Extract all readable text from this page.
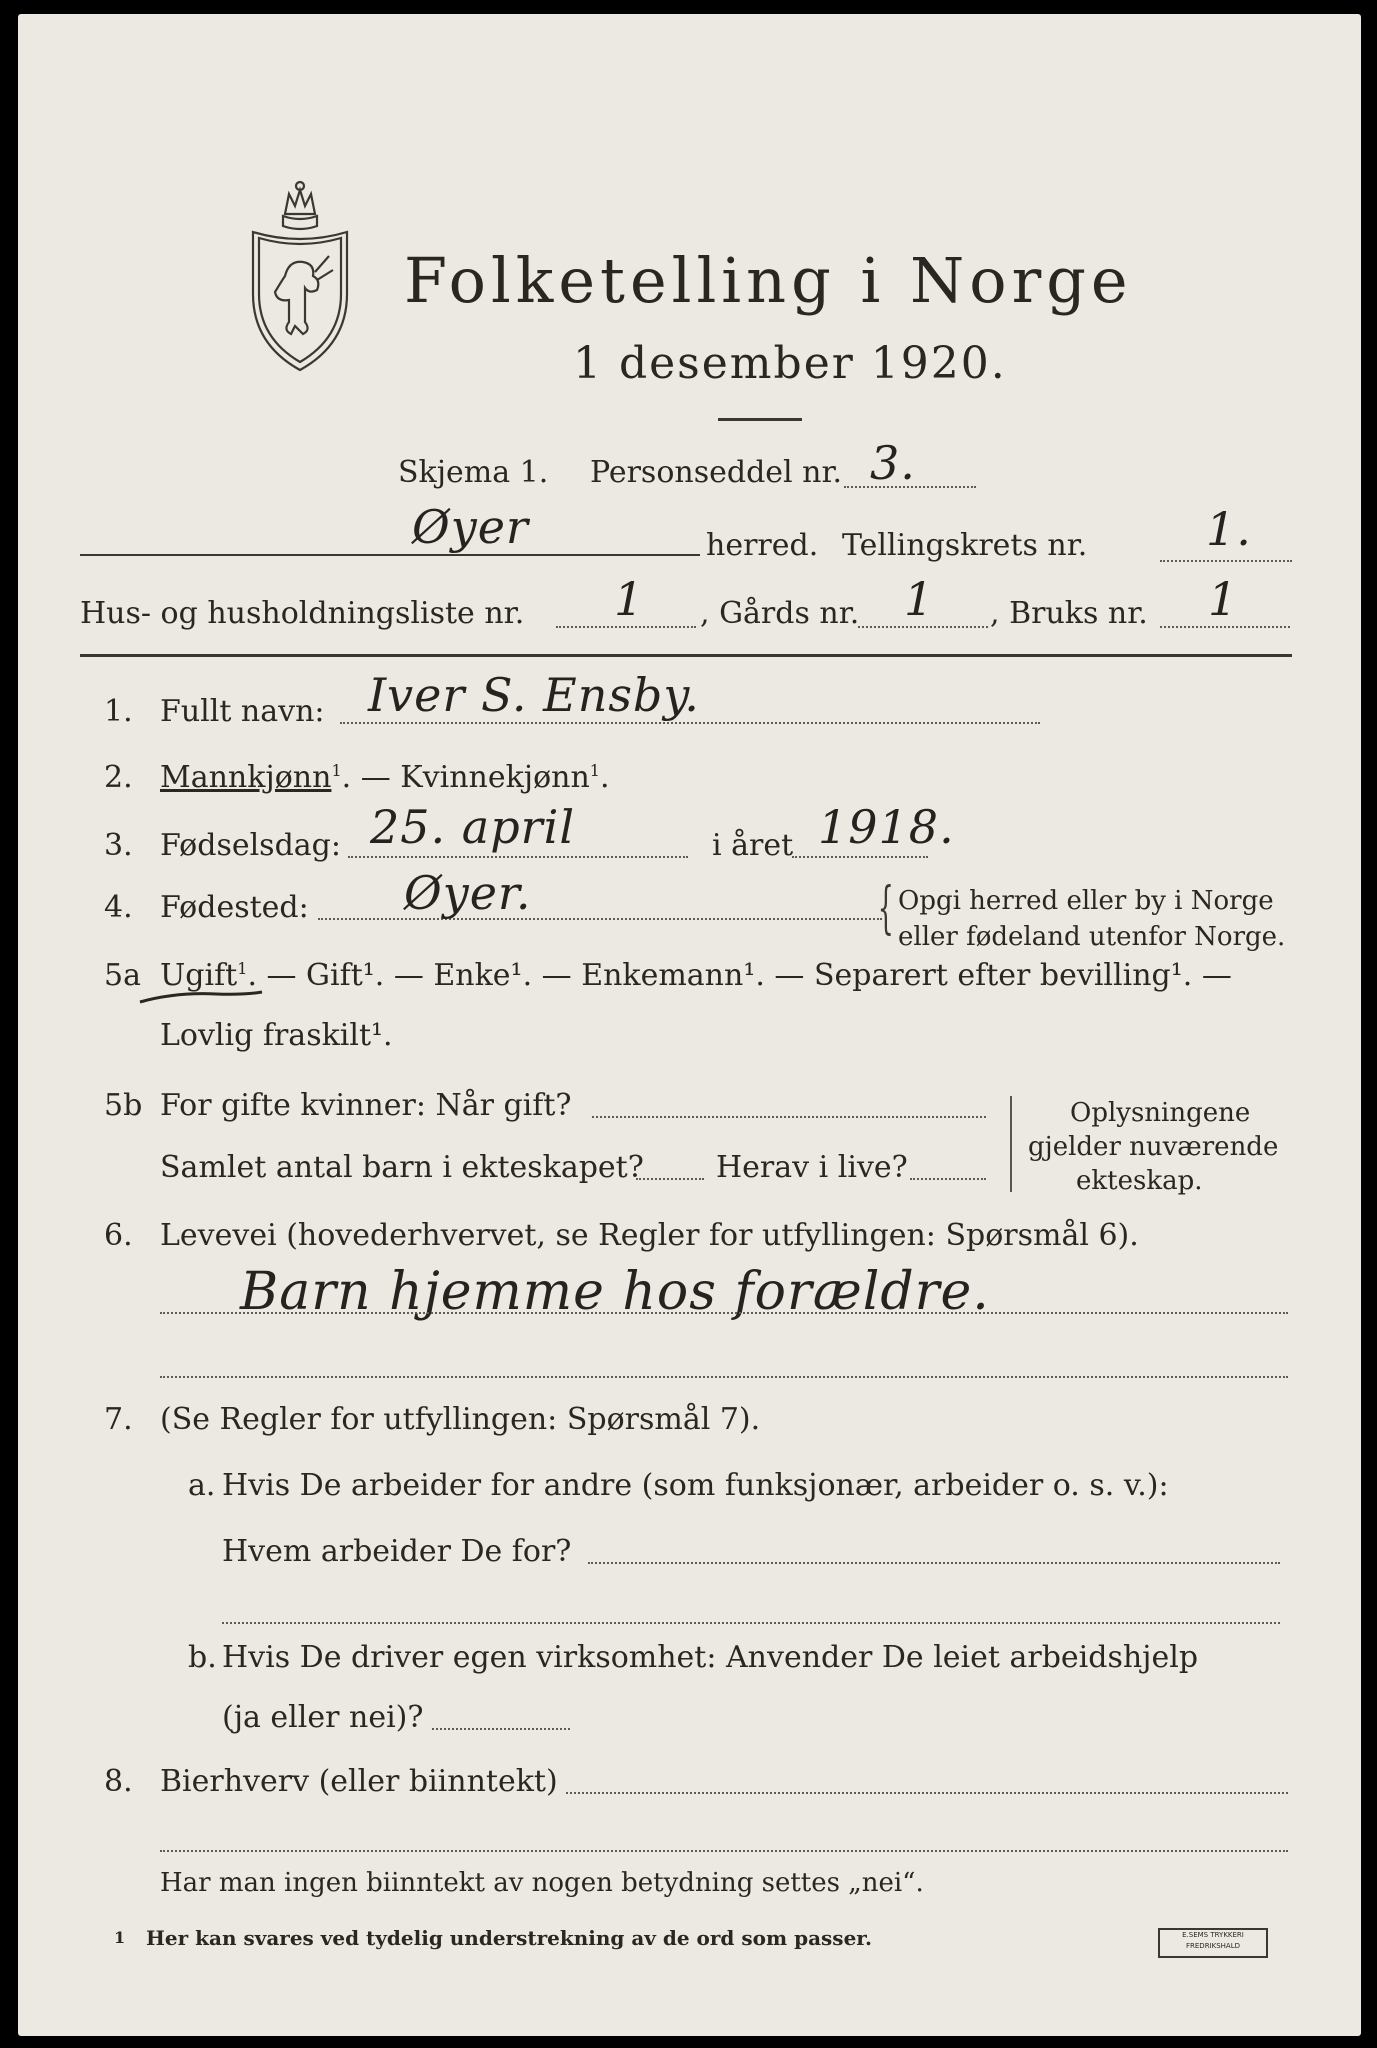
Folketelling i Norge
1 desember 1920.
Skjema 1. Personseddel nr. 3.
Øyer	herred. Tellingskrets nr.	1.
Hus- og husholdningsliste nr. 1 , Gårds nr. 1 , Bruks nr. 1
1. Fullt navn: Iver S. Ensby.
2. Mannkjønn$^1$. — Kvinnekjønn$^1$.
3. Fødselsdag: 25. april	i året 1918.
4. Fødested: Øyer.	{ Opgi herred eller by i Norge
eller fødeland utenfor Norge.
5a Ugift$^1$. — Gift¹. — Enke¹. — Enkemann¹. — Separert efter bevilling¹. —
Lovlig fraskilt¹.
5b For gifte kvinner: Når gift?
Samlet antal barn i ekteskapet? Herav i live?
Oplysningene
gjelder nuværende
ekteskap.
6. Levevei (hovederhvervet, se Regler for utfyllingen: Spørsmål 6).
Barn hjemme hos forældre.
7. (Se Regler for utfyllingen: Spørsmål 7).
a. Hvis De arbeider for andre (som funksjonær, arbeider o. s. v.):
Hvem arbeider De for?
b. Hvis De driver egen virksomhet: Anvender De leiet arbeidshjelp
(ja eller nei)?
8. Bierhverv (eller biinntekt)
Har man ingen biinntekt av nogen betydning settes „nei“.
1 Her kan svares ved tydelig understrekning av de ord som passer.	E.SEMS TRYKKERI
FREDRIKSHALD
